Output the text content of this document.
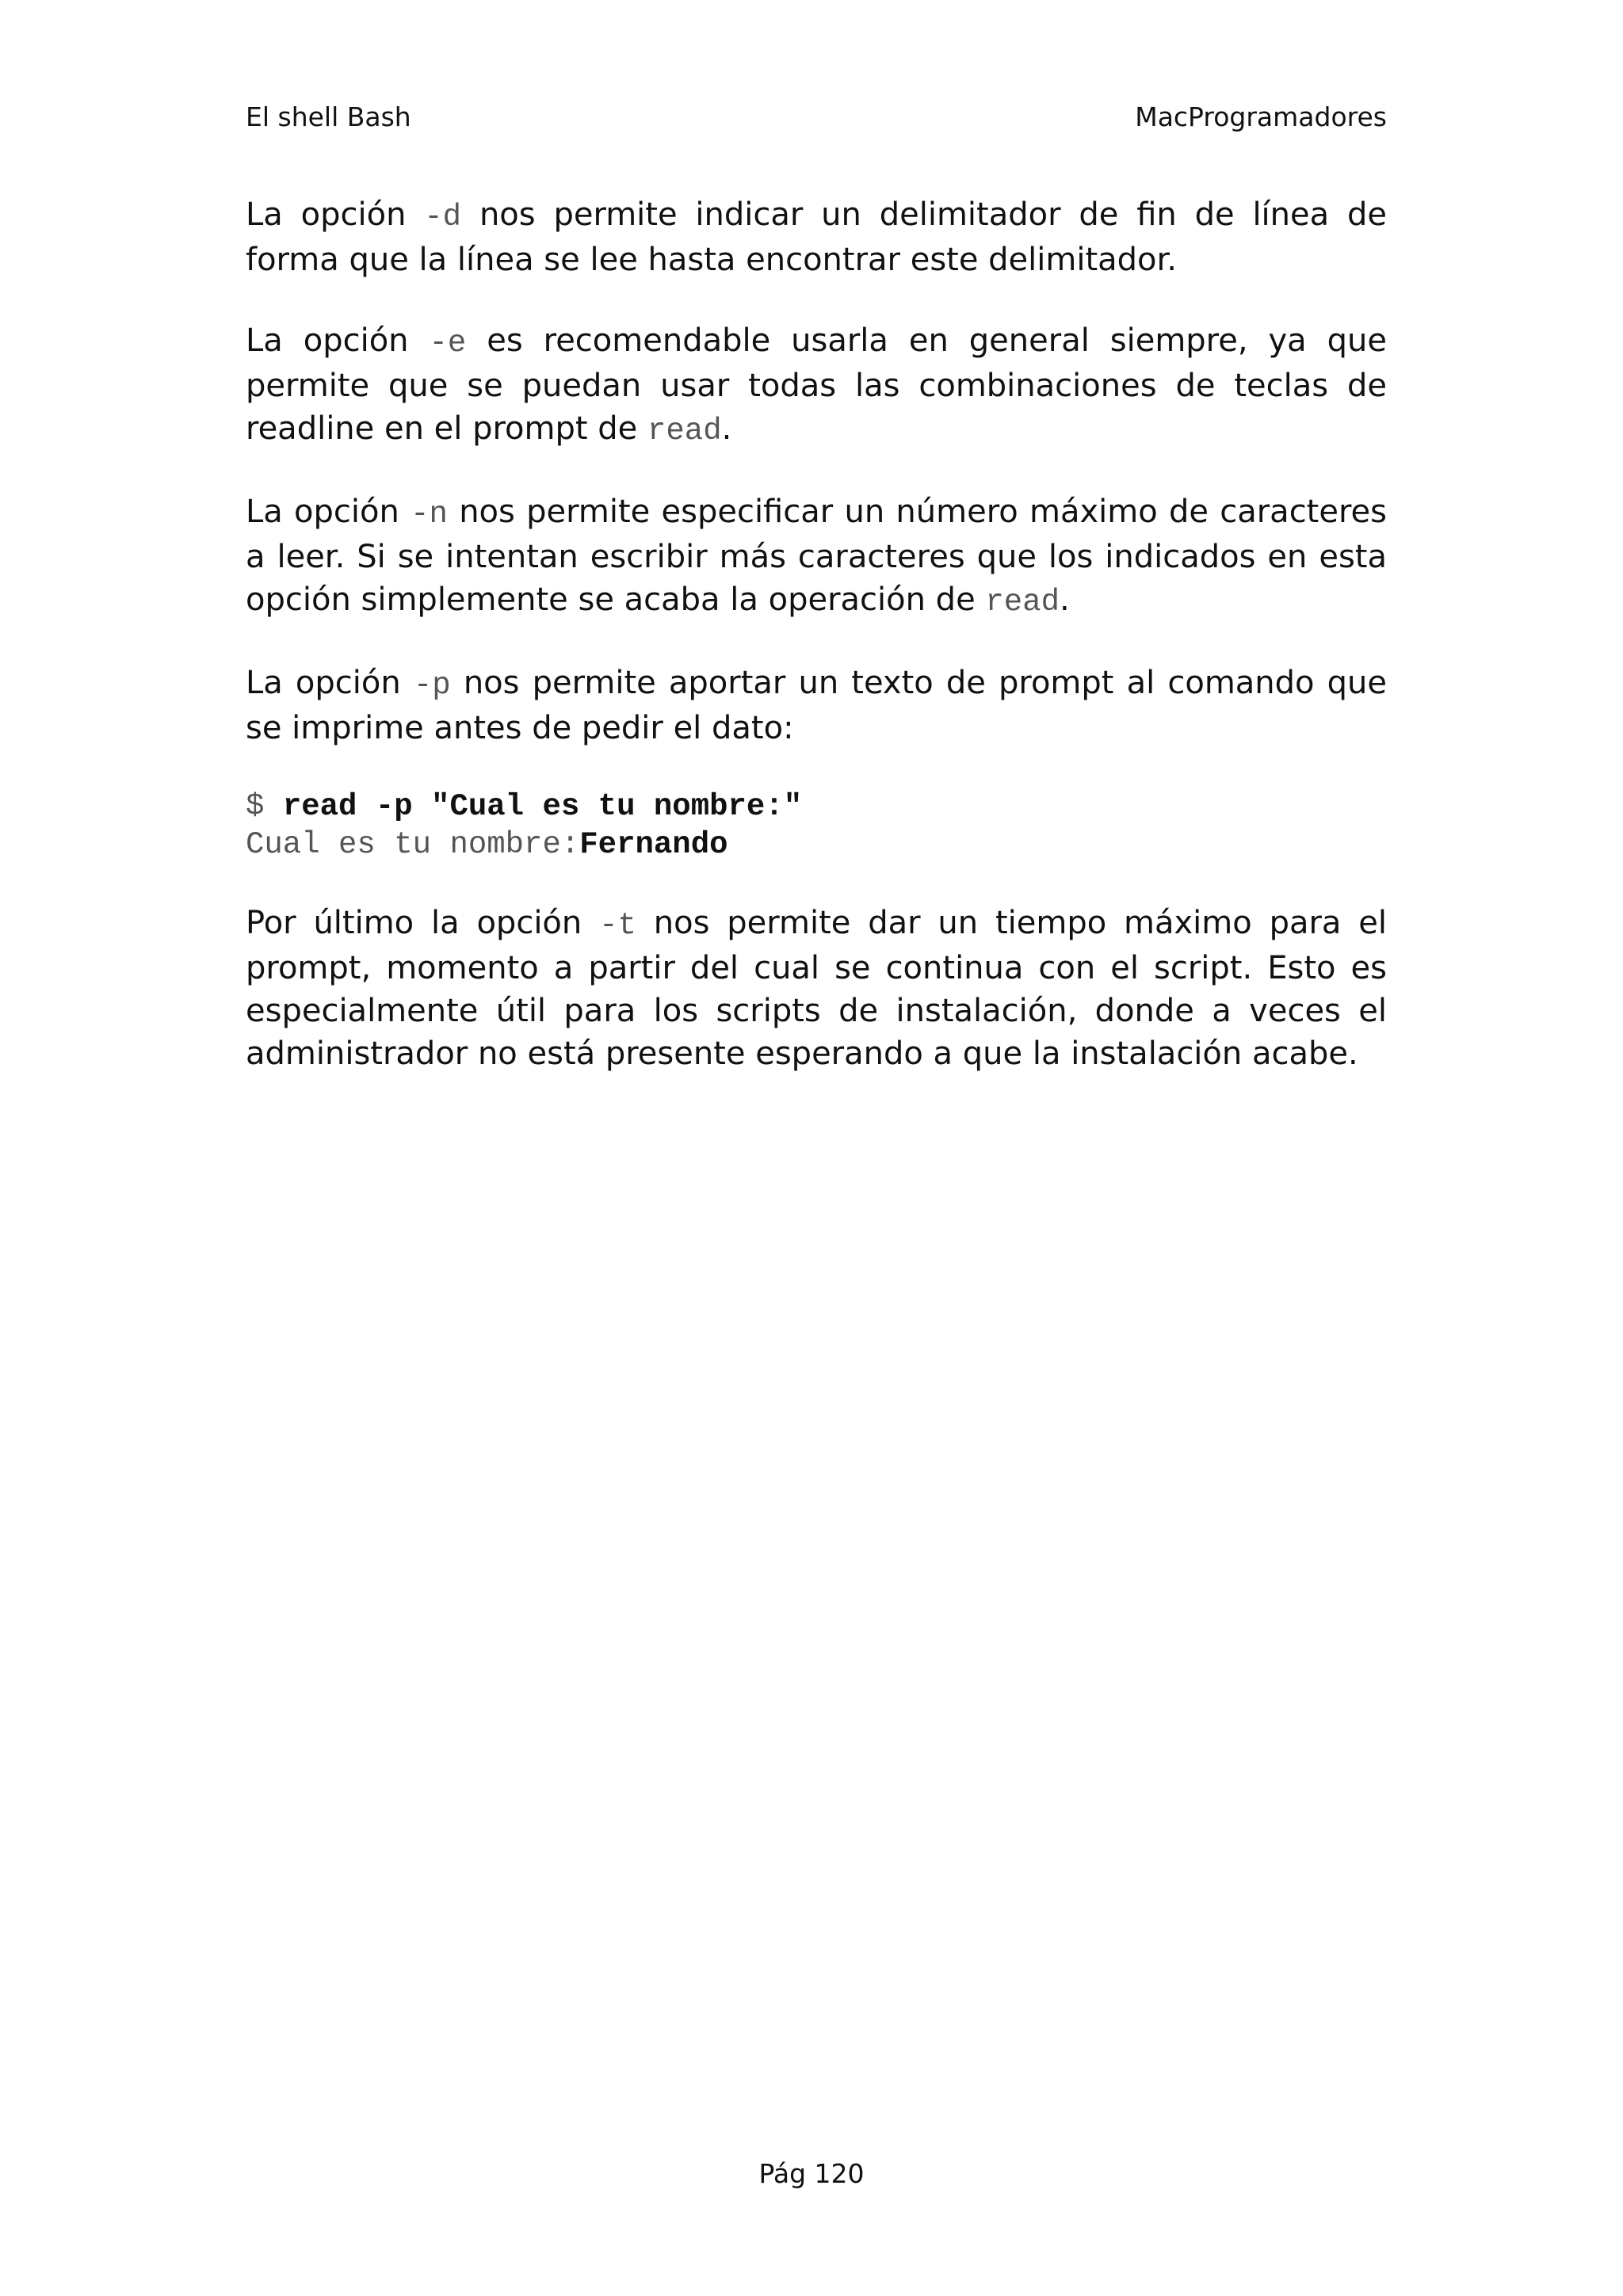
El shell Bash	MacProgramadores

La opción -d nos permite indicar un delimitador de fin de línea de forma que la línea se lee hasta encontrar este delimitador.

La opción -e es recomendable usarla en general siempre, ya que permite que se puedan usar todas las combinaciones de teclas de readline en el prompt de read.

La opción -n nos permite especificar un número máximo de caracteres a leer. Si se intentan escribir más caracteres que los indicados en esta opción simplemente se acaba la operación de read.

La opción -p nos permite aportar un texto de prompt al comando que se imprime antes de pedir el dato:

$ read -p "Cual es tu nombre:"
Cual es tu nombre:Fernando

Por último la opción -t nos permite dar un tiempo máximo para el prompt, momento a partir del cual se continua con el script. Esto es especialmente útil para los scripts de instalación, donde a veces el administrador no está presente esperando a que la instalación acabe.

Pág 120
